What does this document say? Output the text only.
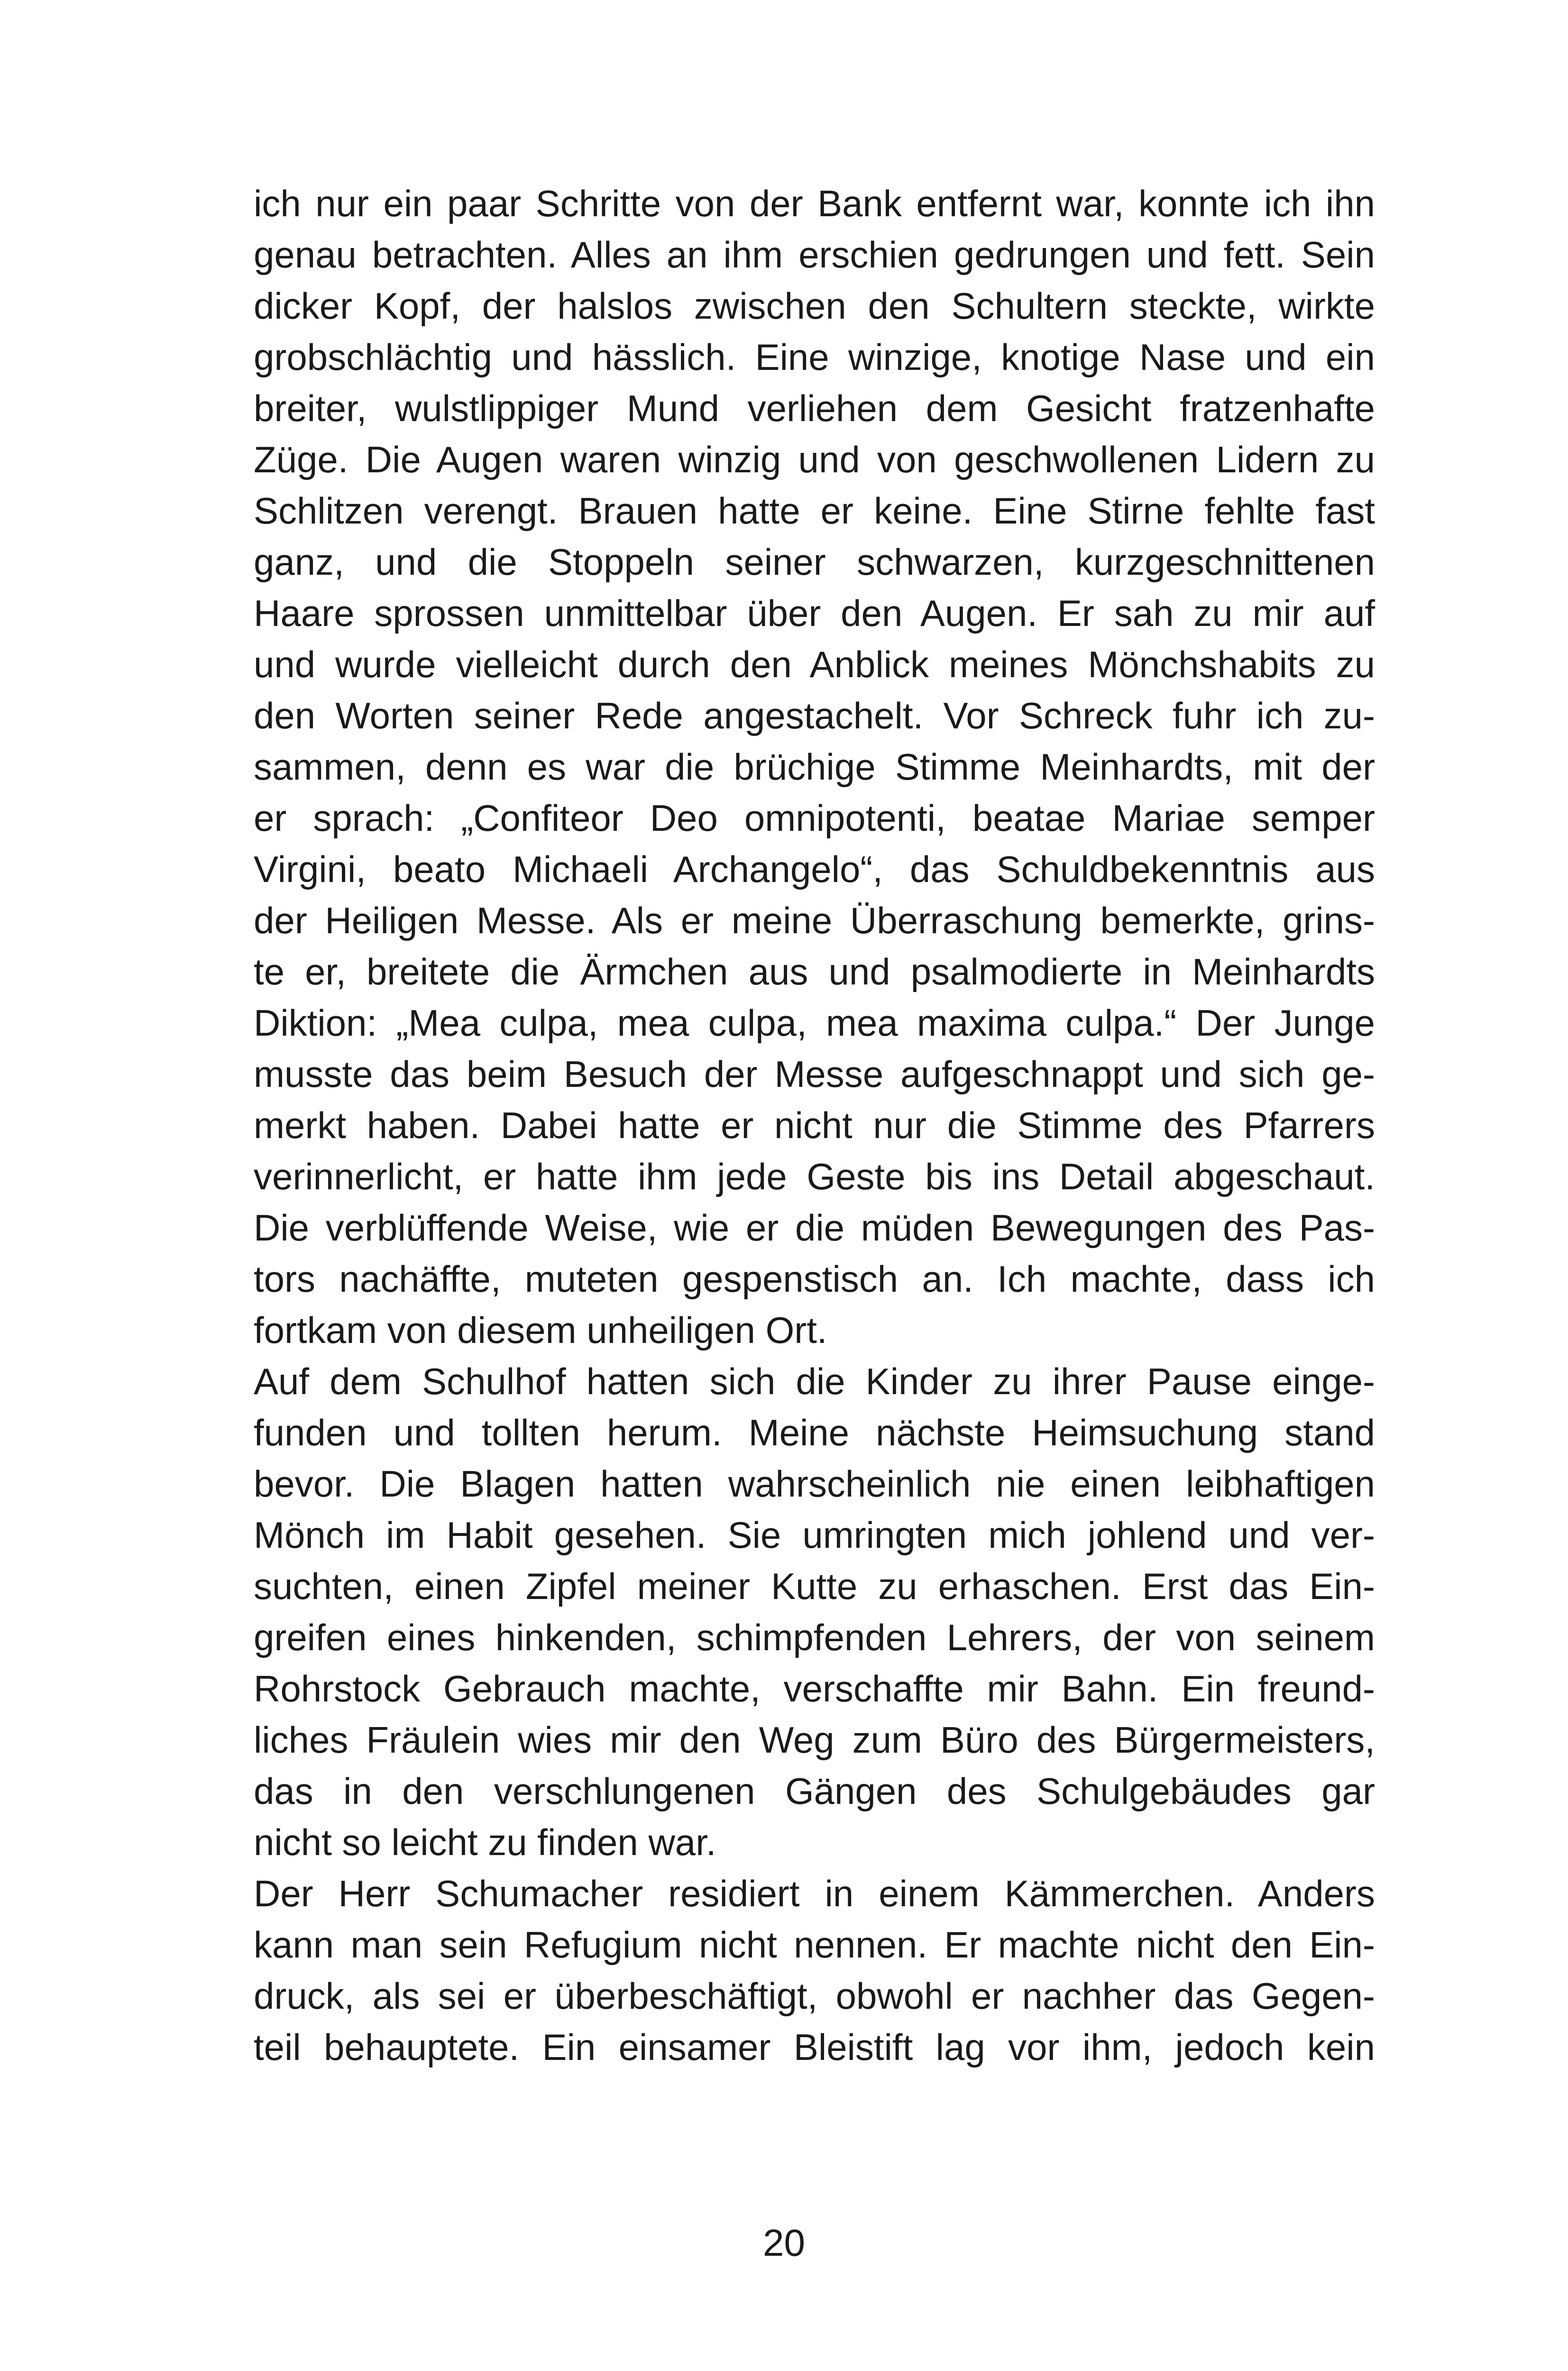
ich nur ein paar Schritte von der Bank entfernt war, konnte ich ihn
genau betrachten. Alles an ihm erschien gedrungen und fett. Sein
dicker Kopf, der halslos zwischen den Schultern steckte, wirkte
grobschlächtig und hässlich. Eine winzige, knotige Nase und ein
breiter, wulstlippiger Mund verliehen dem Gesicht fratzenhafte
Züge. Die Augen waren winzig und von geschwollenen Lidern zu
Schlitzen verengt. Brauen hatte er keine. Eine Stirne fehlte fast
ganz, und die Stoppeln seiner schwarzen, kurzgeschnittenen
Haare sprossen unmittelbar über den Augen. Er sah zu mir auf
und wurde vielleicht durch den Anblick meines Mönchshabits zu
den Worten seiner Rede angestachelt. Vor Schreck fuhr ich zu-
sammen, denn es war die brüchige Stimme Meinhardts, mit der
er sprach: „Confiteor Deo omnipotenti, beatae Mariae semper
Virgini, beato Michaeli Archangelo“, das Schuldbekenntnis aus
der Heiligen Messe. Als er meine Überraschung bemerkte, grins-
te er, breitete die Ärmchen aus und psalmodierte in Meinhardts
Diktion: „Mea culpa, mea culpa, mea maxima culpa.“ Der Junge
musste das beim Besuch der Messe aufgeschnappt und sich ge-
merkt haben. Dabei hatte er nicht nur die Stimme des Pfarrers
verinnerlicht, er hatte ihm jede Geste bis ins Detail abgeschaut.
Die verblüffende Weise, wie er die müden Bewegungen des Pas-
tors nachäffte, muteten gespenstisch an. Ich machte, dass ich
fortkam von diesem unheiligen Ort.
Auf dem Schulhof hatten sich die Kinder zu ihrer Pause einge-
funden und tollten herum. Meine nächste Heimsuchung stand
bevor. Die Blagen hatten wahrscheinlich nie einen leibhaftigen
Mönch im Habit gesehen. Sie umringten mich johlend und ver-
suchten, einen Zipfel meiner Kutte zu erhaschen. Erst das Ein-
greifen eines hinkenden, schimpfenden Lehrers, der von seinem
Rohrstock Gebrauch machte, verschaffte mir Bahn. Ein freund-
liches Fräulein wies mir den Weg zum Büro des Bürgermeisters,
das in den verschlungenen Gängen des Schulgebäudes gar
nicht so leicht zu finden war.
Der Herr Schumacher residiert in einem Kämmerchen. Anders
kann man sein Refugium nicht nennen. Er machte nicht den Ein-
druck, als sei er überbeschäftigt, obwohl er nachher das Gegen-
teil behauptete. Ein einsamer Bleistift lag vor ihm, jedoch kein
20
